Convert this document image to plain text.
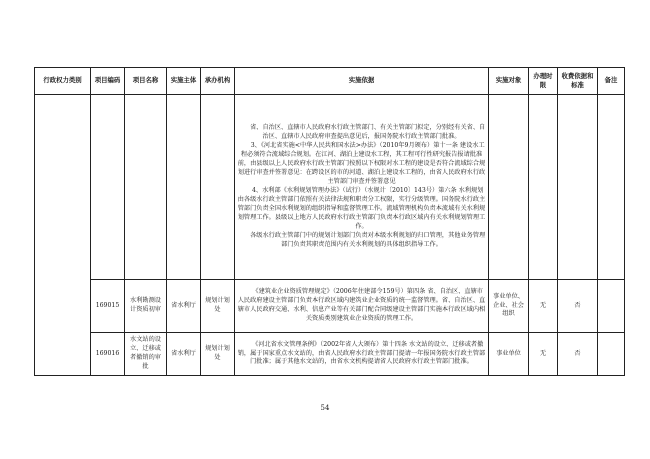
行政权力类别	项目编码	项目名称	实施主体	承办机构	实施依据	实施对象	办理时限	收费依据和标准	备注

					省、自治区、直辖市人民政府水行政主管部门、有关主管部门拟定，分别经有关省、自治区、直辖市人民政府审查提出意见后，报国务院水行政主管部门批准。

3、《河北省实施<中华人民共和国水法>办法》（2010年9月颁布）第十一条 建设水工程必须符合流域综合规划。在江河、湖泊上建设水工程，其工程可行性研究报告报请批准前，由县级以上人民政府水行政主管部门按照以下权限对水工程的建设是否符合流域综合规划进行审查并签署意见：在跨设区的市的河道、湖泊上建设水工程的，由省人民政府水行政主管部门审查并签署意见

4、水利部《水利规划管理办法》（试行）（水规计〔2010〕143号）第六条 水利规划由各级水行政主管部门依照有关法律法规和职责分工权限，实行分级管理。国务院水行政主管部门负责全国水利规划的组织指导和监督管理工作。流域管理机构负责本流域有关水利规划管理工作。县级以上地方人民政府水行政主管部门负责本行政区域内有关水利规划管理工作。

各级水行政主管部门中的规划计划部门负责对本级水利规划的归口管理，其他业务管理部门负责其职责范围内有关水利规划的具体组织指导工作。				

	169015	水利勘测设计资质初审	省水利厅	规划计划处	《建筑业企业资质管理规定》（2006年住建部令159号）第四条 省、自治区、直辖市人民政府建设主管部门负责本行政区域内建筑业企业资质的统一监督管理。省、自治区、直辖市人民政府交通、水利、信息产业等有关部门配合同级建设主管部门实施本行政区域内相关资质类别建筑业企业资质的管理工作。	事业单位、企业、社会组织	无	否	
	169016	水文站的设立、迁移或者撤销的审批	省水利厅	规划计划处	《河北省水文管理条例》（2002年省人大颁布）第十四条 水文站的设立、迁移或者撤销，属于国家重点水文站的，由省人民政府水行政主管部门提请一年报国务院水行政主管部门批准；属于其他水文站的，由省水文机构提请省人民政府水行政主管部门批准。	事业单位	无	否	
54
